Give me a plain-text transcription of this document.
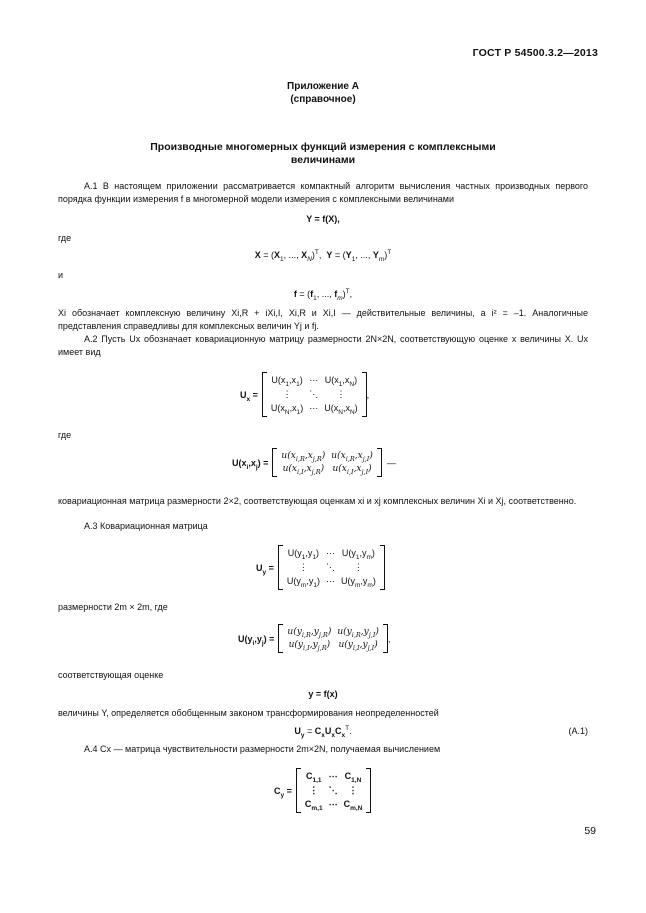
ГОСТ Р 54500.3.2—2013
Приложение А
(справочное)
Производные многомерных функций измерения с комплексными
величинами
А.1 В настоящем приложении рассматривается компактный алгоритм вычисления частных производных первого порядка функции измерения f в многомерной модели измерения с комплексными величинами
Y = f(X),
где
$X = (X_1$, ..., $X_N)^T$,  $Y = (Y_1$, ..., $Y_m)^T$
и
$f = (f_1$, ..., $f_m)^T$,
Xi обозначает комплексную величину Xi,R + iXi,I, Xi,R и Xi,I — действительные величины, а i² = –1. Аналогичные представления справедливы для комплексных величин Yj и fj.
А.2 Пусть Ux обозначает ковариационную матрицу размерности 2N×2N, соответствующую оценке x величины X. Ux имеет вид
$U_x$ =
$U(x_1,x_1)$ ⋯ $U(x_1,x_N)$
⋮	⋱	⋮
$U(x_N,x_1)$ ⋯ $U(x_N,x_N)$
,
где
$U(x_i,x_j)$ =
$u(x_{i,R},x_{j,R})$ $u(x_{i,R},x_{j,I})$
$u(x_{i,I},x_{j,R})$ $u(x_{i,I},x_{j,I})$
—
ковариационная матрица размерности 2×2, соответствующая оценкам xi и xj комплексных величин Xi и Xj, соответственно.
А.3 Ковариационная матрица
$U_y$ =
$U(y_1,y_1)$ ⋯ $U(y_1,y_m)$
⋮	⋱	⋮
$U(y_m,y_1)$ ⋯ $U(y_m,y_m)$
размерности 2m × 2m, где
$U(y_i,y_j)$ =
$u(y_{i,R},y_{j,R})$ $u(y_{i,R},y_{j,I})$
$u(y_{i,I},y_{j,R})$ $u(y_{i,I},y_{j,I})$
,
соответствующая оценке
y = f(x)
величины Y, определяется обобщенным законом трансформирования неопределенностей
$U_y = C_xU_xC_x^T$.	(А.1)
А.4 Cx — матрица чувствительности размерности 2m×2N, получаемая вычислением
$C_y$ =
$C_{1,1}$ ⋯ $C_{1,N}$
⋮	⋱	⋮
$C_{m,1}$ ⋯ $C_{m,N}$
59
